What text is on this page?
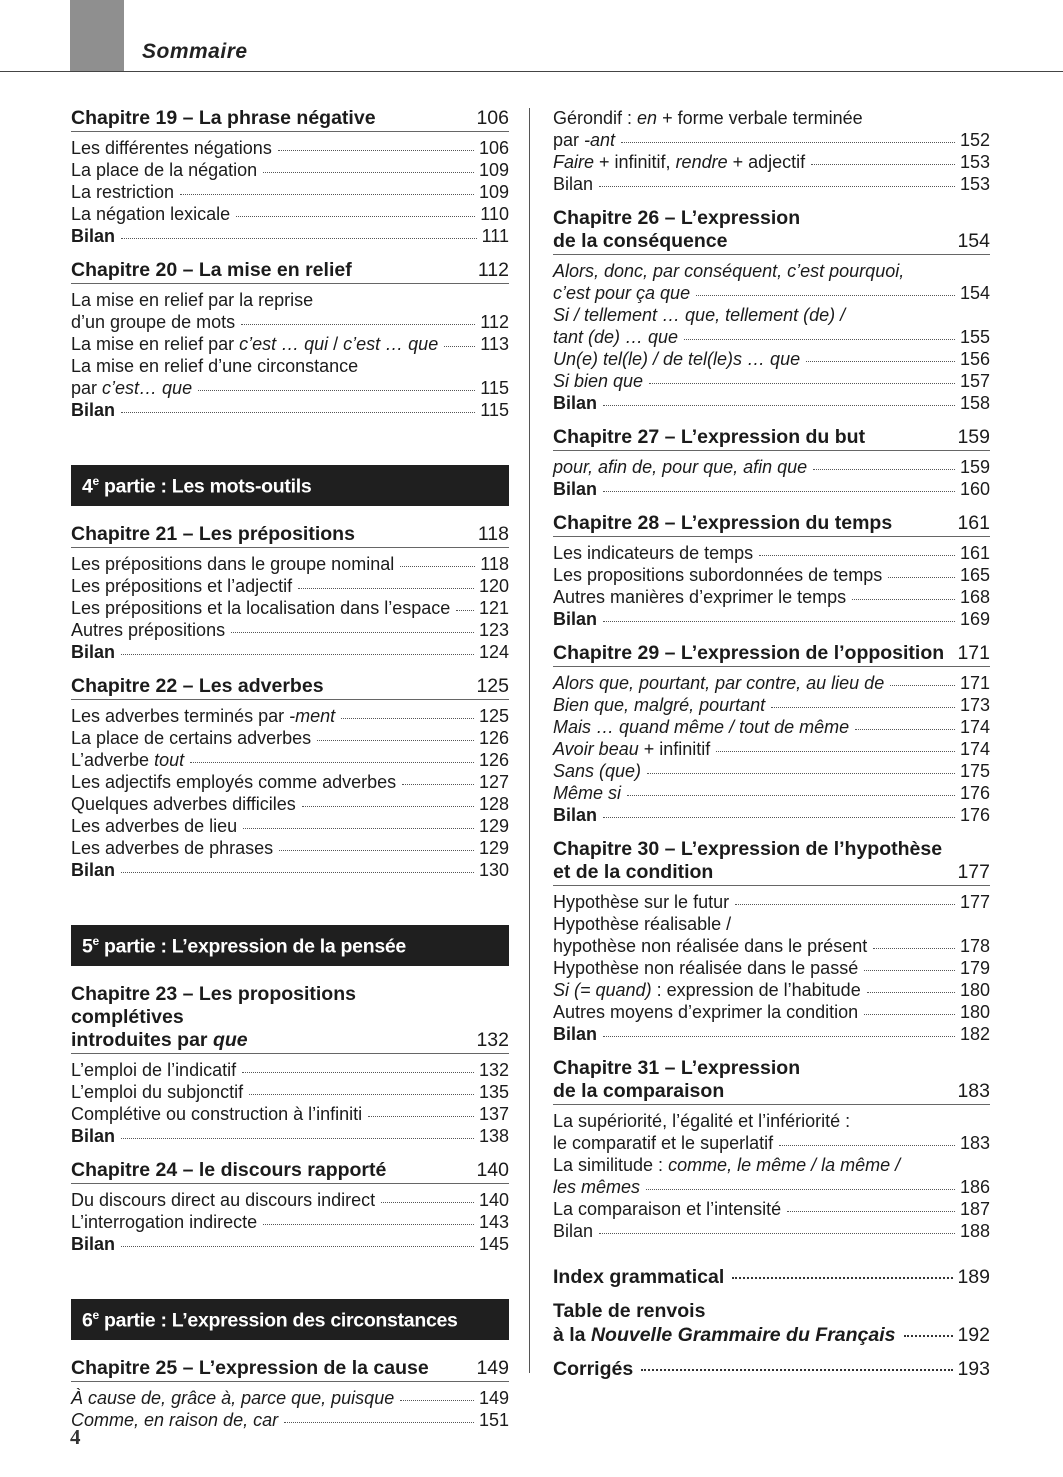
Sommaire
Chapitre 19 – La phrase négative	106
Les différentes négations	106
La place de la négation	109
La restriction	109
La négation lexicale	110
Bilan	111
Chapitre 20 – La mise en relief	112
La mise en relief par la reprise
d’un groupe de mots	112
La mise en relief par c’est … qui / c’est … que 113
La mise en relief d’une circonstance
par c’est… que	115
Bilan	115
4e partie : Les mots-outils
Chapitre 21 – Les prépositions	118
Les prépositions dans le groupe nominal	118
Les prépositions et l’adjectif	120
Les prépositions et la localisation dans l’espace 121
Autres prépositions	123
Bilan	124
Chapitre 22 – Les adverbes	125
Les adverbes terminés par -ment	125
La place de certains adverbes	126
L’adverbe tout	126
Les adjectifs employés comme adverbes	127
Quelques adverbes difficiles	128
Les adverbes de lieu	129
Les adverbes de phrases	129
Bilan	130
5e partie : L’expression de la pensée
Chapitre 23 – Les propositions complétives
introduites par que	132
L’emploi de l’indicatif	132
L’emploi du subjonctif	135
Complétive ou construction à l’infiniti	137
Bilan	138
Chapitre 24 – le discours rapporté	140
Du discours direct au discours indirect	140
L’interrogation indirecte	143
Bilan	145
6e partie : L’expression des circonstances
Chapitre 25 – L’expression de la cause	149
À cause de, grâce à, parce que, puisque	149
Comme, en raison de, car	151
Gérondif : en + forme verbale terminée
par -ant	152
Faire + infinitif, rendre + adjectif	153
Bilan	153
Chapitre 26 – L’expression
de la conséquence	154
Alors, donc, par conséquent, c’est pourquoi,
c’est pour ça que	154
Si / tellement … que, tellement (de) /
tant (de) … que	155
Un(e) tel(le) / de tel(le)s … que	156
Si bien que	157
Bilan	158
Chapitre 27 – L’expression du but	159
pour, afin de, pour que, afin que	159
Bilan	160
Chapitre 28 – L’expression du temps	161
Les indicateurs de temps	161
Les propositions subordonnées de temps	165
Autres manières d’exprimer le temps	168
Bilan	169
Chapitre 29 – L’expression de l’opposition 171
Alors que, pourtant, par contre, au lieu de	171
Bien que, malgré, pourtant	173
Mais … quand même / tout de même	174
Avoir beau + infinitif	174
Sans (que)	175
Même si	176
Bilan	176
Chapitre 30 – L’expression de l’hypothèse
et de la condition	177
Hypothèse sur le futur	177
Hypothèse réalisable /
hypothèse non réalisée dans le présent	178
Hypothèse non réalisée dans le passé	179
Si (= quand) : expression de l’habitude	180
Autres moyens d’exprimer la condition	180
Bilan	182
Chapitre 31 – L’expression
de la comparaison	183
La supériorité, l’égalité et l’infériorité :
le comparatif et le superlatif	183
La similitude : comme, le même / la même /
les mêmes	186
La comparaison et l’intensité	187
Bilan	188
Index grammatical	189
Table de renvois
à la Nouvelle Grammaire du Français	192
Corrigés	193
4
